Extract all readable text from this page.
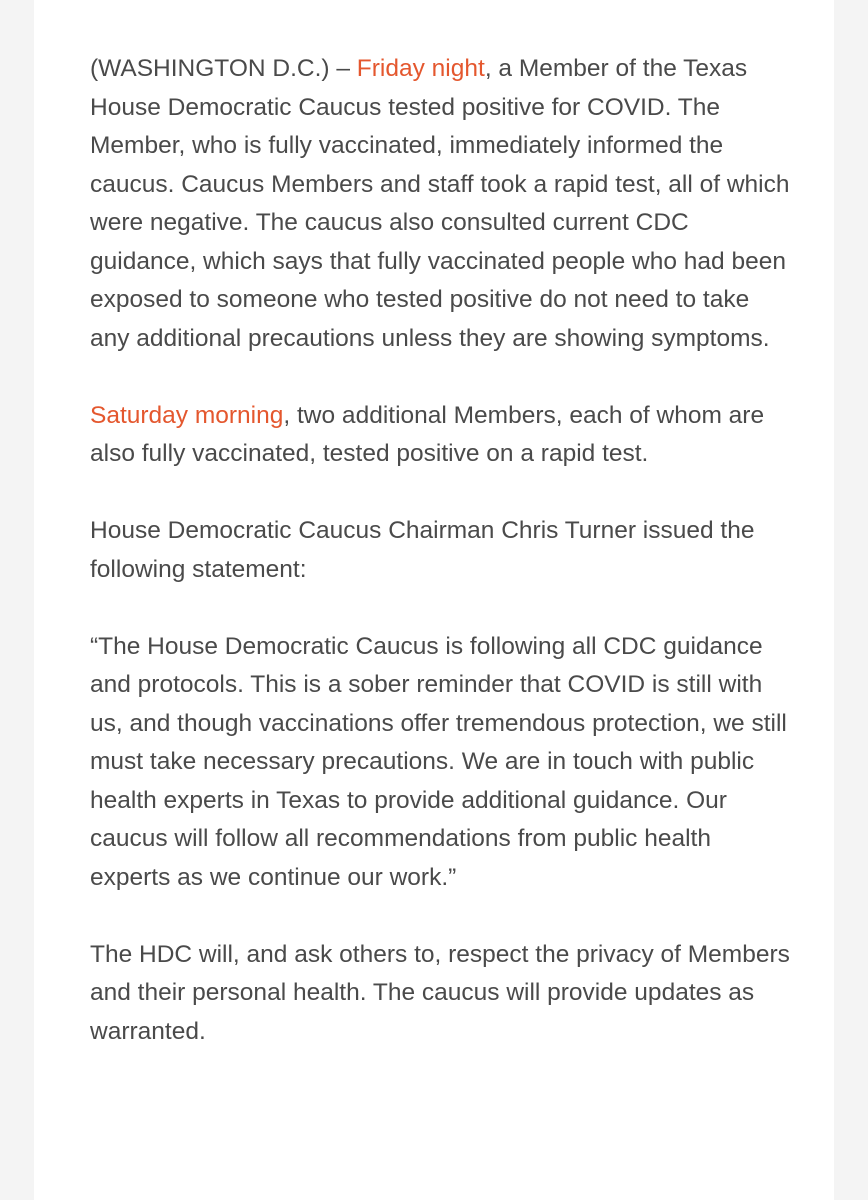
(WASHINGTON D.C.) – Friday night, a Member of the Texas House Democratic Caucus tested positive for COVID. The Member, who is fully vaccinated, immediately informed the caucus. Caucus Members and staff took a rapid test, all of which were negative. The caucus also consulted current CDC guidance, which says that fully vaccinated people who had been exposed to someone who tested positive do not need to take any additional precautions unless they are showing symptoms.

Saturday morning, two additional Members, each of whom are also fully vaccinated, tested positive on a rapid test.

House Democratic Caucus Chairman Chris Turner issued the following statement:

“The House Democratic Caucus is following all CDC guidance and protocols. This is a sober reminder that COVID is still with us, and though vaccinations offer tremendous protection, we still must take necessary precautions. We are in touch with public health experts in Texas to provide additional guidance. Our caucus will follow all recommendations from public health experts as we continue our work.”

The HDC will, and ask others to, respect the privacy of Members and their personal health. The caucus will provide updates as warranted.
